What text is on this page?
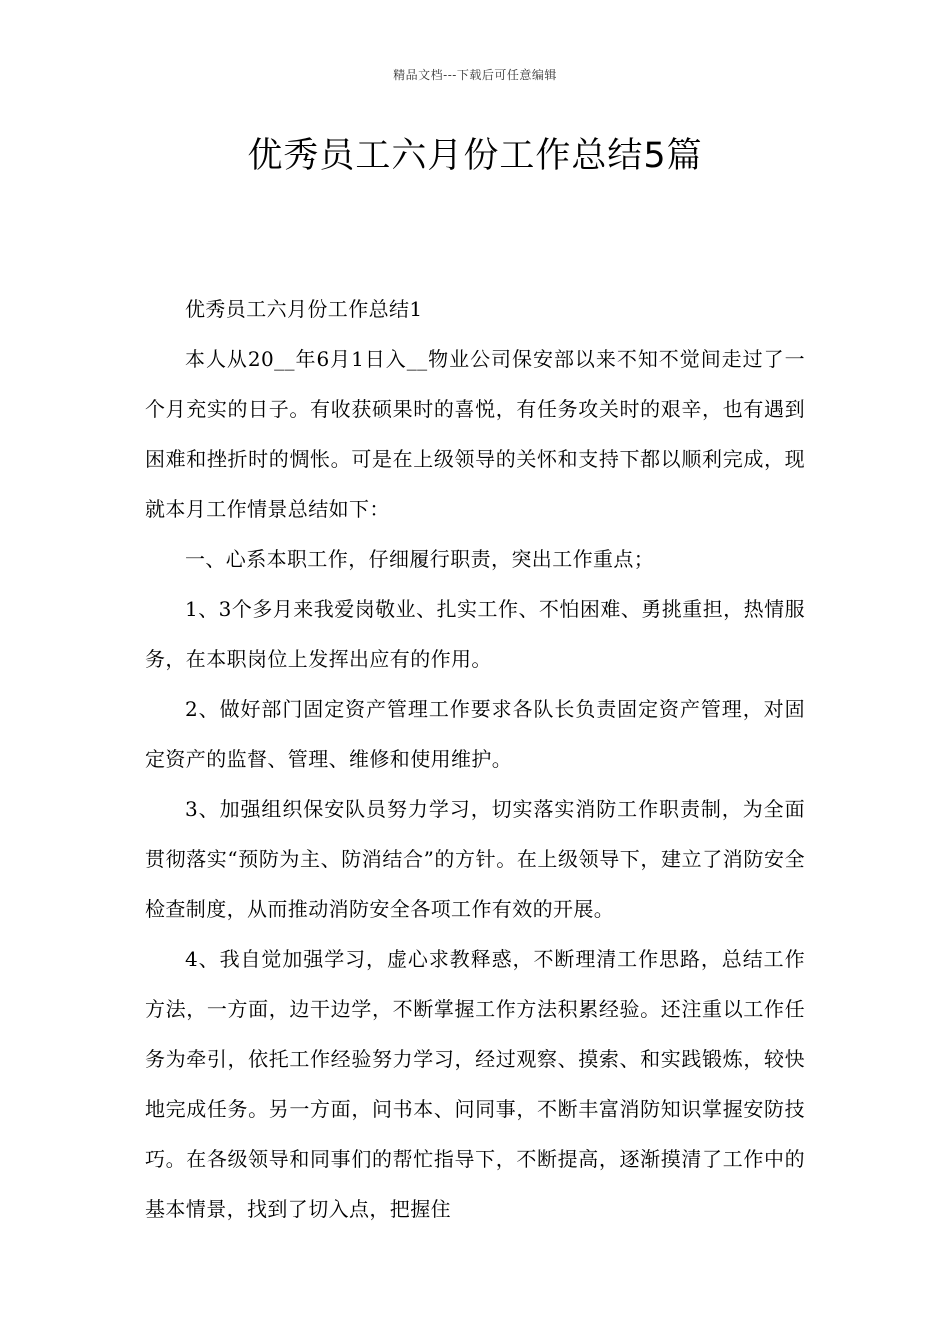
精品文档---下载后可任意编辑
优秀员工六月份工作总结5篇

优秀员工六月份工作总结1

本人从20__年6月1日入__物业公司保安部以来不知不觉间走过了一个月充实的日子。有收获硕果时的喜悦，有任务攻关时的艰辛，也有遇到困难和挫折时的惆怅。可是在上级领导的关怀和支持下都以顺利完成，现就本月工作情景总结如下：

一、心系本职工作，仔细履行职责，突出工作重点；

1、3个多月来我爱岗敬业、扎实工作、不怕困难、勇挑重担，热情服务，在本职岗位上发挥出应有的作用。

2、做好部门固定资产管理工作要求各队长负责固定资产管理，对固定资产的监督、管理、维修和使用维护。

3、加强组织保安队员努力学习，切实落实消防工作职责制，为全面贯彻落实“预防为主、防消结合”的方针。在上级领导下，建立了消防安全检查制度，从而推动消防安全各项工作有效的开展。

4、我自觉加强学习，虚心求教释惑，不断理清工作思路，总结工作方法，一方面，边干边学，不断掌握工作方法积累经验。还注重以工作任务为牵引，依托工作经验努力学习，经过观察、摸索、和实践锻炼，较快地完成任务。另一方面，问书本、问同事，不断丰富消防知识掌握安防技巧。在各级领导和同事们的帮忙指导下，不断提高，逐渐摸清了工作中的基本情景，找到了切入点，把握住
